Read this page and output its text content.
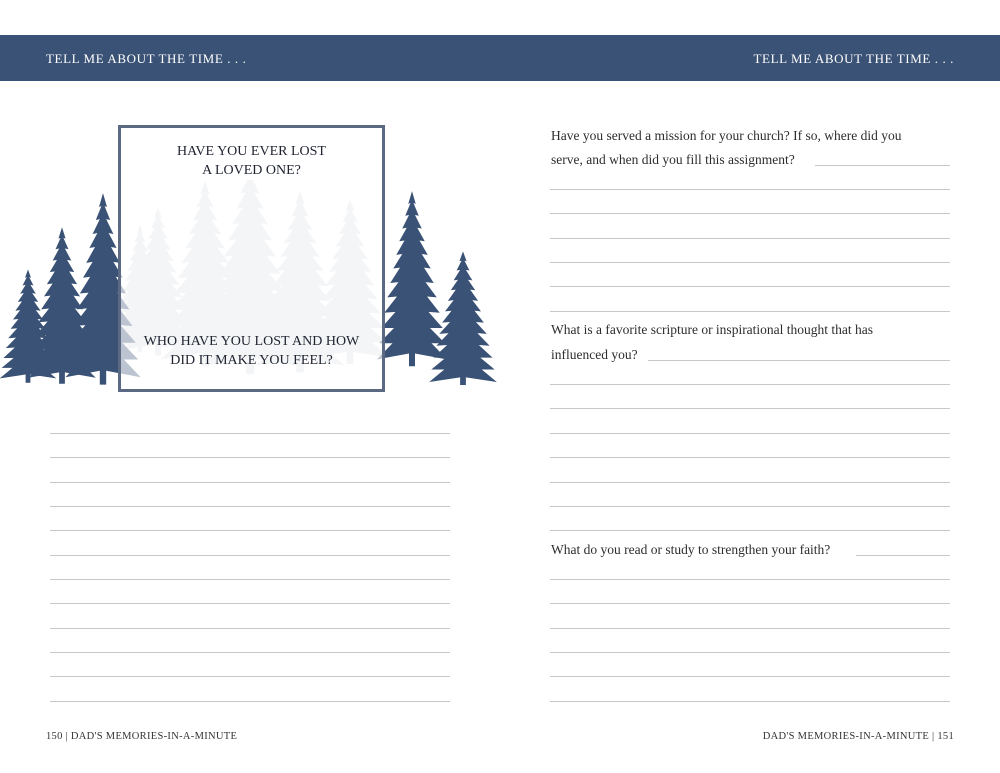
TELL ME ABOUT THE TIME . . .	TELL ME ABOUT THE TIME . . .
HAVE YOU EVER LOST
A LOVED ONE?
WHO HAVE YOU LOST AND HOW
DID IT MAKE YOU FEEL?
Have you served a mission for your church? If so, where did you
serve, and when did you fill this assignment?
What is a favorite scripture or inspirational thought that has
influenced you?
What do you read or study to strengthen your faith?
150 | DAD'S MEMORIES-IN-A-MINUTE	DAD'S MEMORIES-IN-A-MINUTE | 151
